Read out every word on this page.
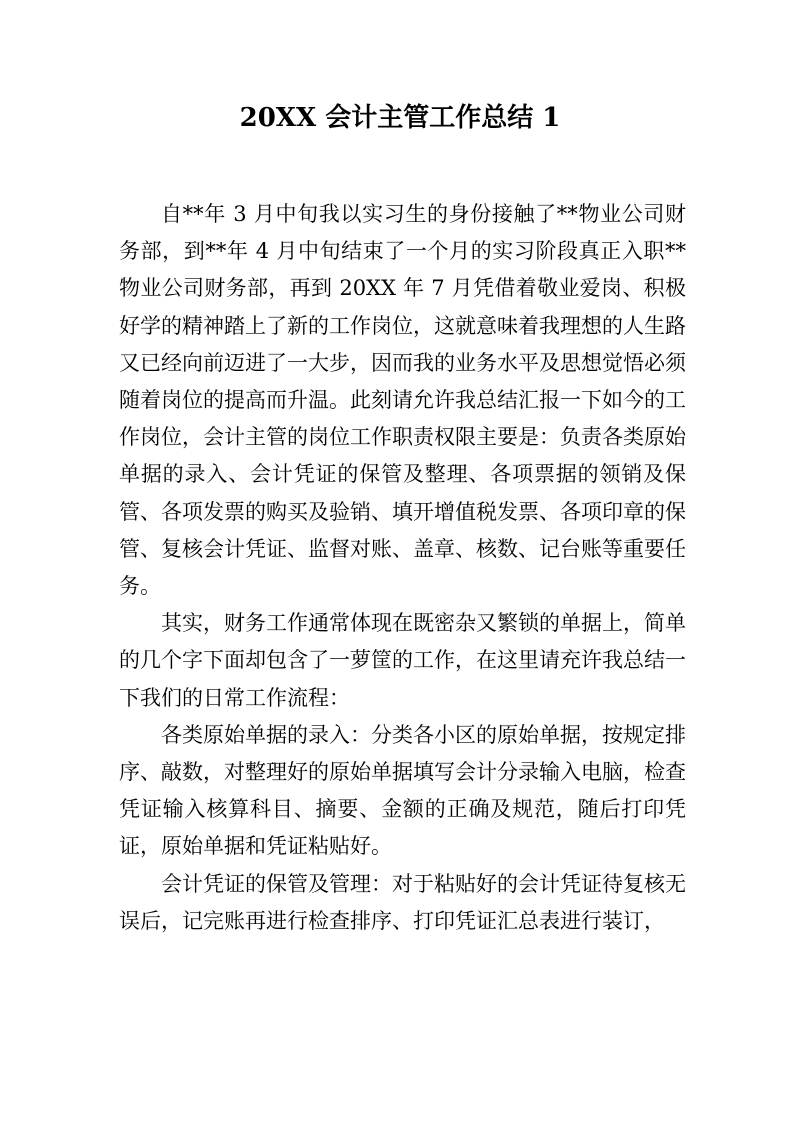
20XX 会计主管工作总结 1

自**年 3 月中旬我以实习生的身份接触了**物业公司财务部，到**年 4 月中旬结束了一个月的实习阶段真正入职**物业公司财务部，再到 20XX 年 7 月凭借着敬业爱岗、积极好学的精神踏上了新的工作岗位，这就意味着我理想的人生路又已经向前迈进了一大步，因而我的业务水平及思想觉悟必须随着岗位的提高而升温。此刻请允许我总结汇报一下如今的工作岗位，会计主管的岗位工作职责权限主要是：负责各类原始单据的录入、会计凭证的保管及整理、各项票据的领销及保管、各项发票的购买及验销、填开增值税发票、各项印章的保管、复核会计凭证、监督对账、盖章、核数、记台账等重要任务。

其实，财务工作通常体现在既密杂又繁锁的单据上，简单的几个字下面却包含了一萝筐的工作，在这里请充许我总结一下我们的日常工作流程：

各类原始单据的录入：分类各小区的原始单据，按规定排序、敲数，对整理好的原始单据填写会计分录输入电脑，检查凭证输入核算科目、摘要、金额的正确及规范，随后打印凭证，原始单据和凭证粘贴好。

会计凭证的保管及管理：对于粘贴好的会计凭证待复核无误后，记完账再进行检查排序、打印凭证汇总表进行装订，
